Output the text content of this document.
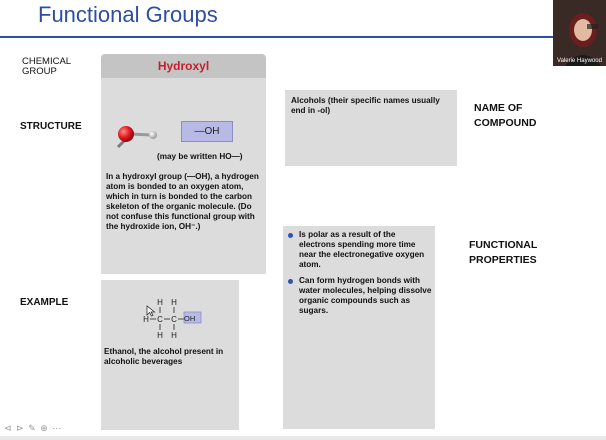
Functional Groups
CHEMICAL
GROUP
STRUCTURE
EXAMPLE
Hydroxyl
—OH
(may be written HO—)
In a hydroxyl group (—OH), a hydrogen atom is bonded to an oxygen atom, which in turn is bonded to the carbon skeleton of the organic molecule. (Do not confuse this functional group with the hydroxide ion, OH⁻.)
H H
H C C
H H
OH
Ethanol, the alcohol present in alcoholic beverages
Alcohols (their specific names usually end in -ol)	NAME OF
COMPOUND
Is polar as a result of the electrons spending more time near the electronegative oxygen atom.
Can form hydrogen bonds with water molecules, helping dissolve organic compounds such as sugars.
FUNCTIONAL
PROPERTIES
Valerie Haywood
⊲ ⊳ ✎ ⊕ ⋯
